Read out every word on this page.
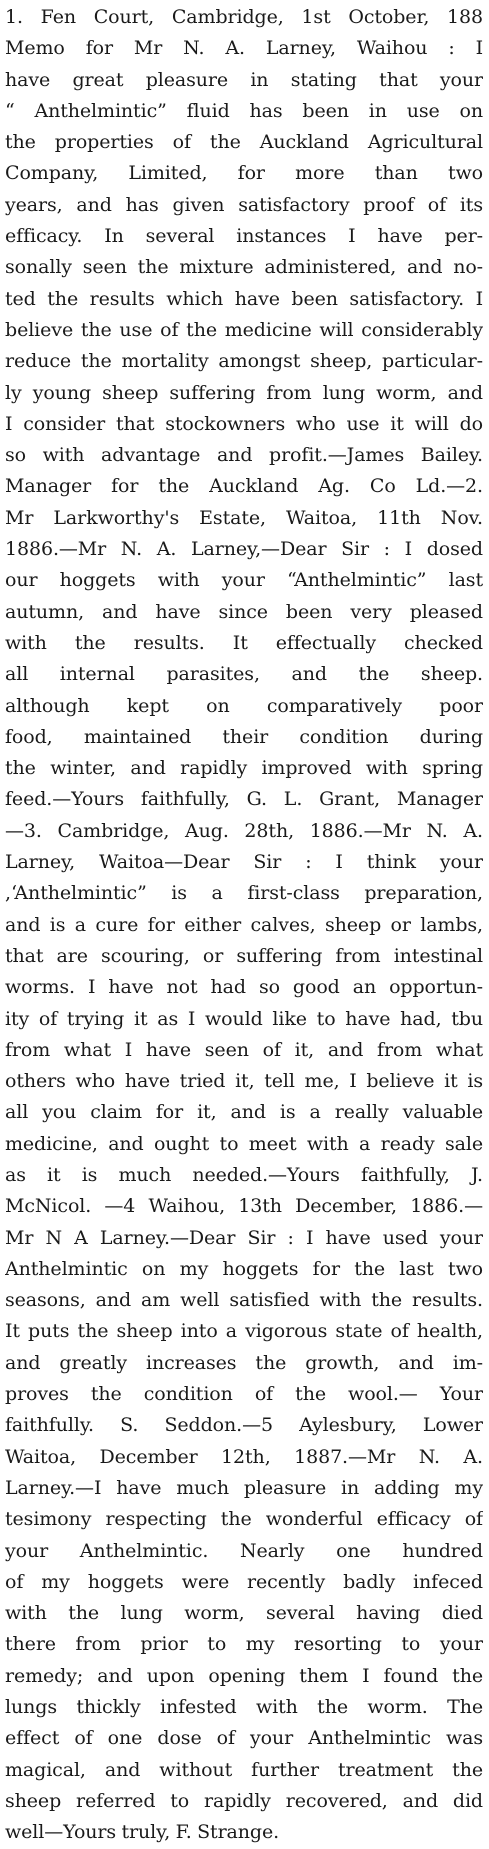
1. Fen Court, Cambridge, 1st October, 188
Memo for Mr N. A. Larney, Waihou : I
have great pleasure in stating that your
“ Anthelmintic” fluid has been in use on
the properties of the Auckland Agricultural
Company, Limited, for more than two
years, and has given satisfactory proof of its
efficacy. In several instances I have per-
sonally seen the mixture administered, and no-
ted the results which have been satisfactory. I
believe the use of the medicine will considerably
reduce the mortality amongst sheep, particular-
ly young sheep suffering from lung worm, and
I consider that stockowners who use it will do
so with advantage and profit.—James Bailey.
Manager for the Auckland Ag. Co Ld.—2.
Mr Larkworthy's Estate, Waitoa, 11th Nov.
1886.—Mr N. A. Larney,—Dear Sir : I dosed
our hoggets with your “Anthelmintic” last
autumn, and have since been very pleased
with the results. It effectually checked
all internal parasites, and the sheep.
although kept on comparatively poor
food, maintained their condition during
the winter, and rapidly improved with spring
feed.—Yours faithfully, G. L. Grant, Manager
—3. Cambridge, Aug. 28th, 1886.—Mr N. A.
Larney, Waitoa—Dear Sir : I think your
,‘Anthelmintic” is a first-class preparation,
and is a cure for either calves, sheep or lambs,
that are scouring, or suffering from intestinal
worms. I have not had so good an opportun-
ity of trying it as I would like to have had, tbu
from what I have seen of it, and from what
others who have tried it, tell me, I believe it is
all you claim for it, and is a really valuable
medicine, and ought to meet with a ready sale
as it is much needed.—Yours faithfully, J.
McNicol. —4 Waihou, 13th December, 1886.—
Mr N A Larney.—Dear Sir : I have used your
Anthelmintic on my hoggets for the last two
seasons, and am well satisfied with the results.
It puts the sheep into a vigorous state of health,
and greatly increases the growth, and im-
proves the condition of the wool.— Your
faithfully. S. Seddon.—5 Aylesbury, Lower
Waitoa, December 12th, 1887.—Mr N. A.
Larney.—I have much pleasure in adding my
tesimony respecting the wonderful efficacy of
your Anthelmintic. Nearly one hundred
of my hoggets were recently badly infeced
with the lung worm, several having died
there from prior to my resorting to your
remedy; and upon opening them I found the
lungs thickly infested with the worm. The
effect of one dose of your Anthelmintic was
magical, and without further treatment the
sheep referred to rapidly recovered, and did
well—Yours truly, F. Strange.
